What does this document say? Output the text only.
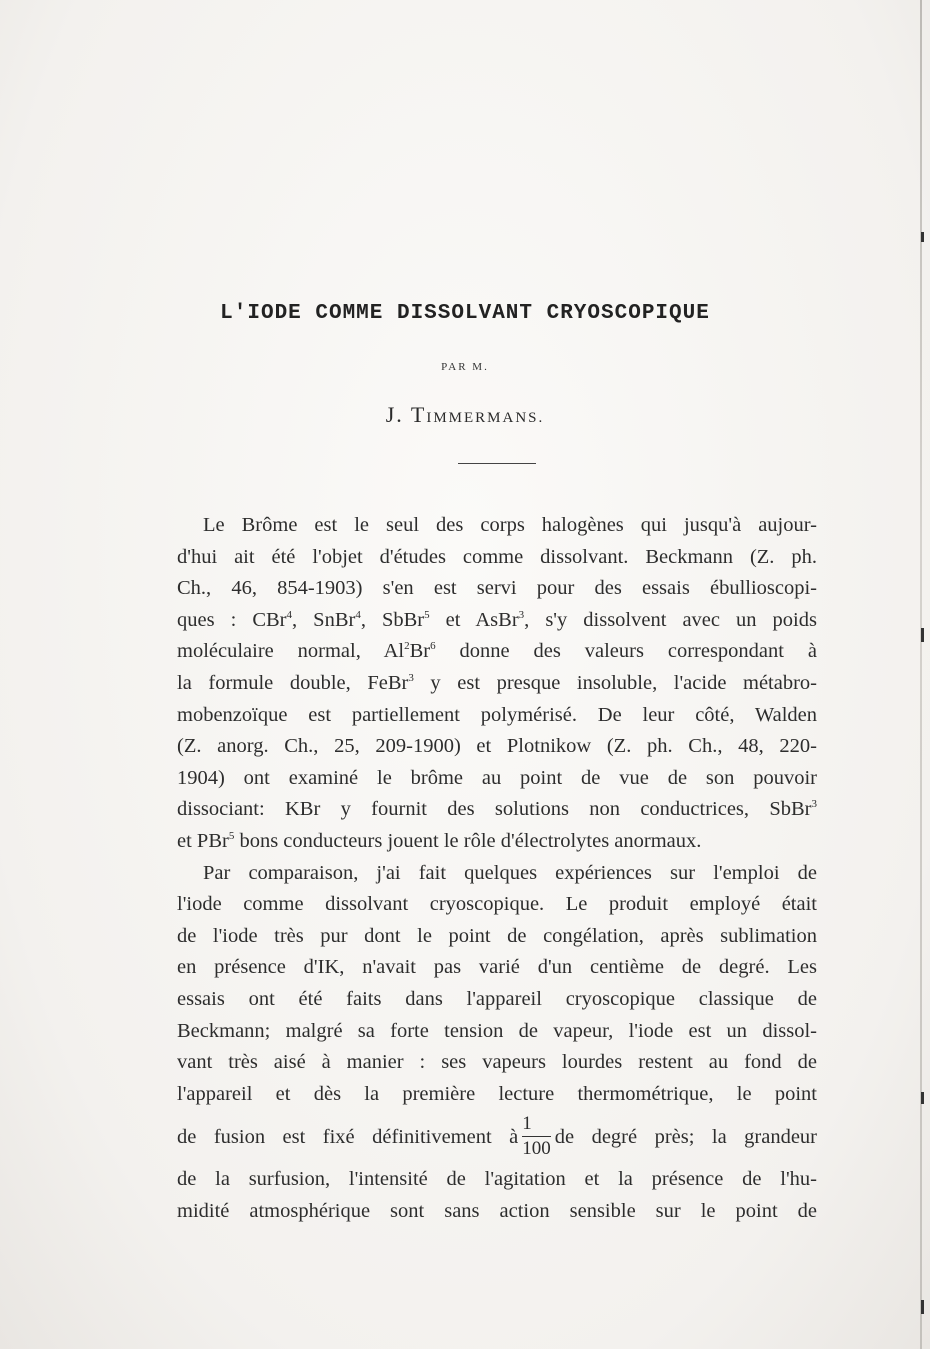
L'IODE COMME DISSOLVANT CRYOSCOPIQUE
PAR M.
J. TIMMERMANS.
Le Brôme est le seul des corps halogènes qui jusqu'à aujour-
d'hui ait été l'objet d'études comme dissolvant. Beckmann (Z. ph.
Ch., 46, 854-1903) s'en est servi pour des essais ébullioscopi-
ques : CBr$^4$, SnBr$^4$, SbBr$^5$ et AsBr$^3$, s'y dissolvent avec un poids
moléculaire normal, Al$^2$Br$^6$ donne des valeurs correspondant à
la formule double, FeBr$^3$ y est presque insoluble, l'acide métabro-
mobenzoïque est partiellement polymérisé. De leur côté, Walden
(Z. anorg. Ch., 25, 209-1900) et Plotnikow (Z. ph. Ch., 48, 220-
1904) ont examiné le brôme au point de vue de son pouvoir
dissociant: KBr y fournit des solutions non conductrices, SbBr$^3$
et PBr$^5$ bons conducteurs jouent le rôle d'électrolytes anormaux.
Par comparaison, j'ai fait quelques expériences sur l'emploi de
l'iode comme dissolvant cryoscopique. Le produit employé était
de l'iode très pur dont le point de congélation, après sublimation
en présence d'IK, n'avait pas varié d'un centième de degré. Les
essais ont été faits dans l'appareil cryoscopique classique de
Beckmann; malgré sa forte tension de vapeur, l'iode est un dissol-
vant très aisé à manier : ses vapeurs lourdes restent au fond de
l'appareil et dès la première lecture thermométrique, le point
de fusion est fixé définitivement à $\frac{1}{100}$ de degré près; la grandeur
de la surfusion, l'intensité de l'agitation et la présence de l'hu-
midité atmosphérique sont sans action sensible sur le point de
